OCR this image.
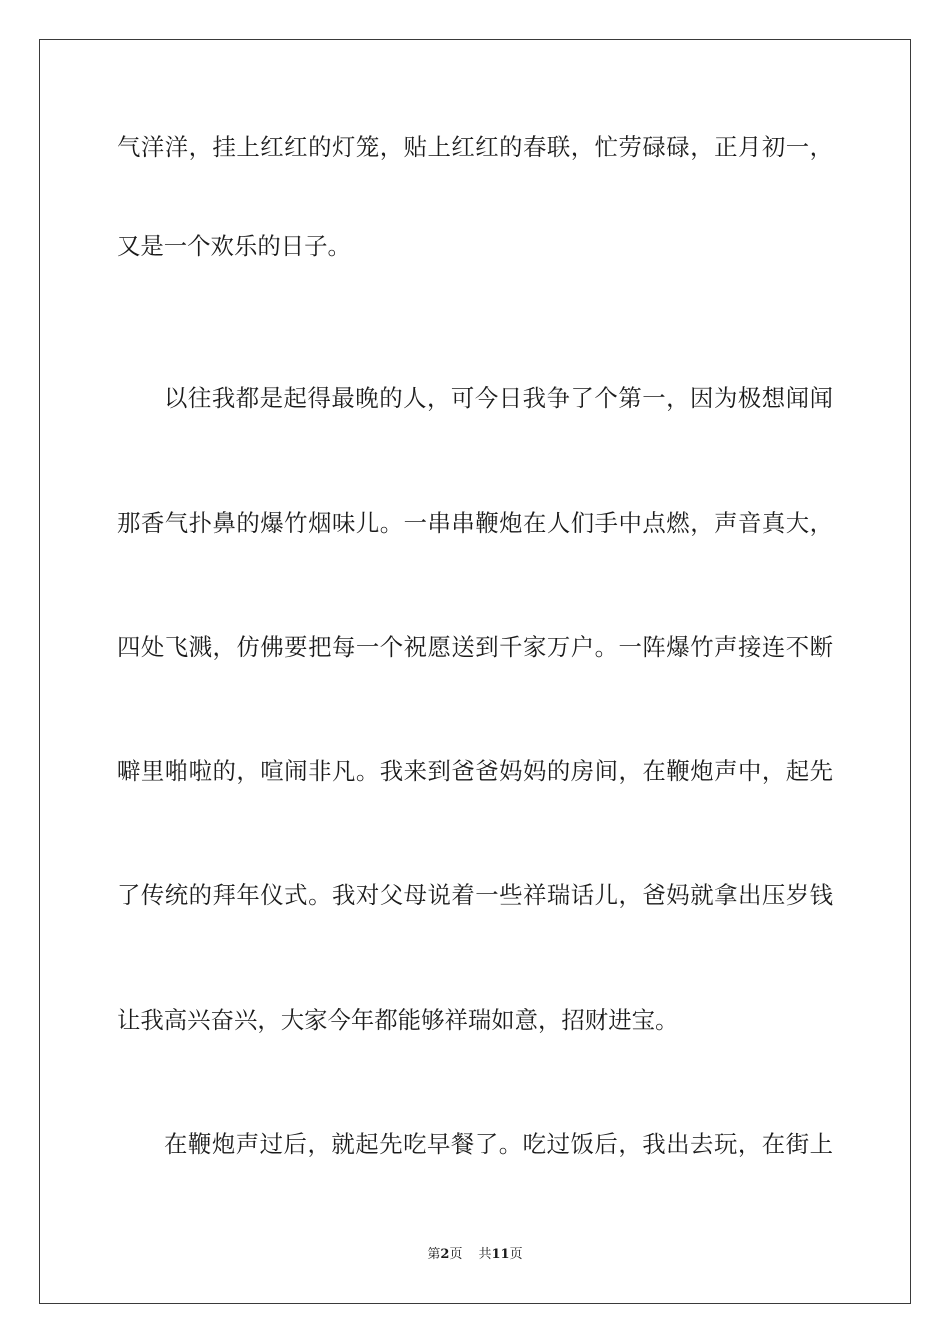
气洋洋，挂上红红的灯笼，贴上红红的春联，忙劳碌碌，正月初一，
又是一个欢乐的日子。
以往我都是起得最晚的人，可今日我争了个第一，因为极想闻闻
那香气扑鼻的爆竹烟味儿。一串串鞭炮在人们手中点燃，声音真大，
四处飞溅，仿佛要把每一个祝愿送到千家万户。一阵爆竹声接连不断
噼里啪啦的，喧闹非凡。我来到爸爸妈妈的房间，在鞭炮声中，起先
了传统的拜年仪式。我对父母说着一些祥瑞话儿，爸妈就拿出压岁钱
让我高兴奋兴，大家今年都能够祥瑞如意，招财进宝。
在鞭炮声过后，就起先吃早餐了。吃过饭后，我出去玩，在街上
第2页 共11页
